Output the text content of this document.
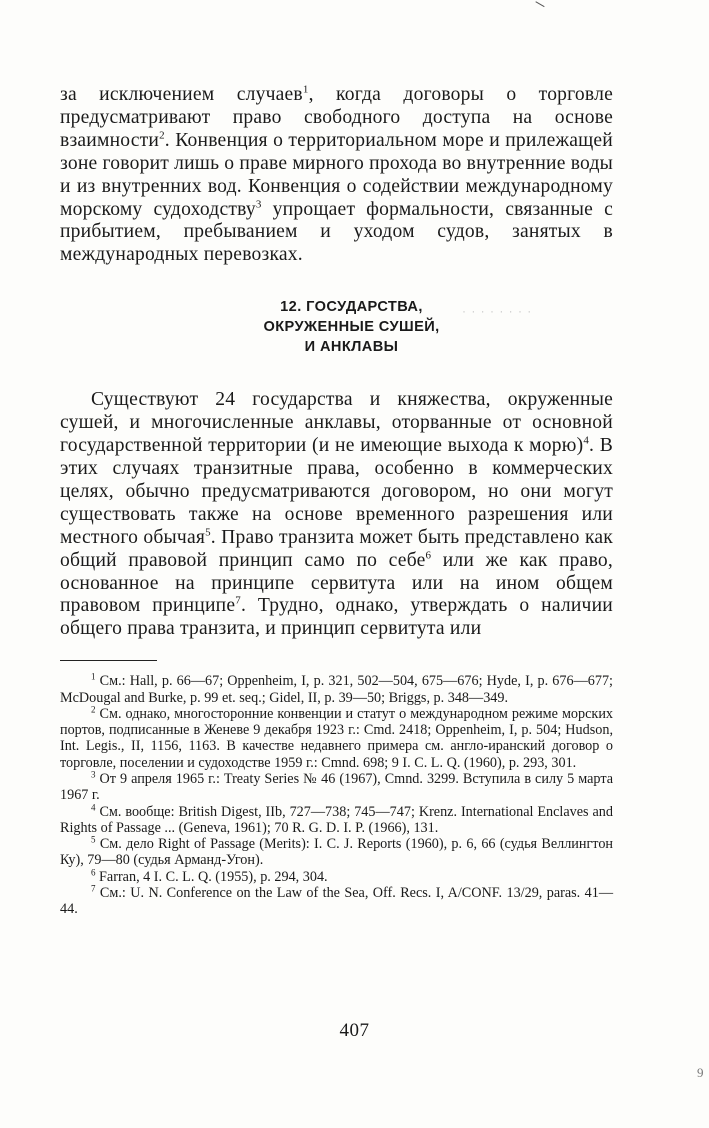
за исключением случаев$^1$, когда договоры о торговле предусматривают право свободного доступа на основе взаимности$^2$. Конвенция о территориальном море и прилежащей зоне говорит лишь о праве мирного прохода во внутренние воды и из внутренних вод. Конвенция о содействии международному морскому судоходству$^3$ упрощает формальности, связанные с прибытием, пребыванием и уходом судов, занятых в международных перевозках.

12. ГОСУДАРСТВА,
ОКРУЖЕННЫЕ СУШЕЙ,
И АНКЛАВЫ

Существуют 24 государства и княжества, окруженные сушей, и многочисленные анклавы, оторванные от основной государственной территории (и не имеющие выхода к морю)$^4$. В этих случаях транзитные права, особенно в коммерческих целях, обычно предусматриваются договором, но они могут существовать также на основе временного разрешения или местного обычая$^5$. Право транзита может быть представлено как общий правовой принцип само по себе$^6$ или же как право, основанное на принципе сервитута или на ином общем правовом принципе$^7$. Трудно, однако, утверждать о наличии общего права транзита, и принцип сервитута или

$^1$ См.: Hall, p. 66—67; Oppenheim, I, p. 321, 502—504, 675—676; Hyde, I, p. 676—677; McDougal and Burke, p. 99 et. seq.; Gidel, II, p. 39—50; Briggs, p. 348—349.

$^2$ См. однако, многосторонние конвенции и статут о международном режиме морских портов, подписанные в Женеве 9 декабря 1923 г.: Cmd. 2418; Oppenheim, I, p. 504; Hudson, Int. Legis., II, 1156, 1163. В качестве недавнего примера см. англо-иранский договор о торговле, поселении и судоходстве 1959 г.: Cmnd. 698; 9 I. C. L. Q. (1960), p. 293, 301.

$^3$ От 9 апреля 1965 г.: Treaty Series № 46 (1967), Cmnd. 3299. Вступила в силу 5 марта 1967 г.

$^4$ См. вообще: British Digest, IIb, 727—738; 745—747; Krenz. International Enclaves and Rights of Passage ... (Geneva, 1961); 70 R. G. D. I. P. (1966), 131.

$^5$ См. дело Right of Passage (Merits): I. C. J. Reports (1960), p. 6, 66 (судья Веллингтон Ку), 79—80 (судья Арманд-Угон).

$^6$ Farran, 4 I. C. L. Q. (1955), p. 294, 304.

$^7$ См.: U. N. Conference on the Law of the Sea, Off. Recs. I, A/CONF. 13/29, paras. 41—44.

· · · · · · · ·
407
9
